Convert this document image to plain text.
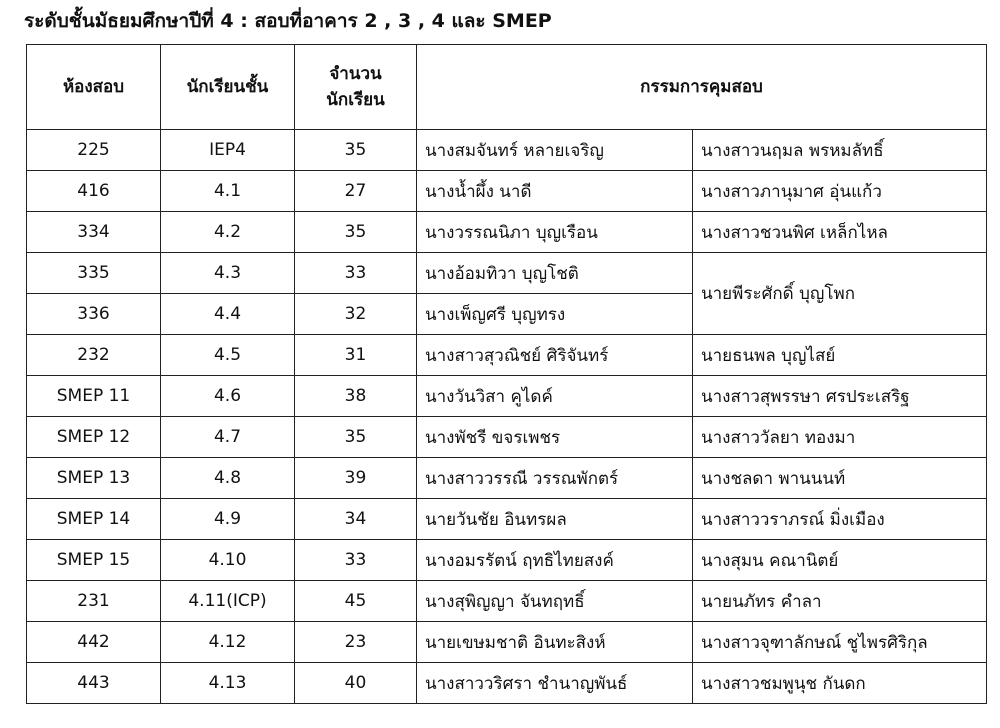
ระดับชั้นมัธยมศึกษาปีที่ 4 : สอบที่อาคาร 2 , 3 , 4 และ SMEP
ห้องสอบ	นักเรียนชั้น	จำนวน
นักเรียน	กรรมการคุมสอบ	
225	IEP4	35	นางสมจันทร์ หลายเจริญ	นางสาวนฤมล พรหมลัทธิ์
416	4.1	27	นางน้ำผึ้ง นาดี	นางสาวภานุมาศ อุ่นแก้ว
334	4.2	35	นางวรรณนิภา บุญเรือน	นางสาวชวนพิศ เหล็กไหล
335	4.3	33	นางอ้อมทิวา บุญโชติ	นายพีระศักดิ์ บุญโพก
336	4.4	32	นางเพ็ญศรี บุญทรง	
232	4.5	31	นางสาวสุวณิชย์ ศิริจันทร์	นายธนพล บุญไสย์
SMEP 11	4.6	38	นางวันวิสา คูไดค์	นางสาวสุพรรษา ศรประเสริฐ
SMEP 12	4.7	35	นางพัชรี ขจรเพชร	นางสาววัลยา ทองมา
SMEP 13	4.8	39	นางสาววรรณี วรรณพักตร์	นางชลดา พานนนท์
SMEP 14	4.9	34	นายวันชัย อินทรผล	นางสาววราภรณ์ มิ่งเมือง
SMEP 15	4.10	33	นางอมรรัตน์ ฤทธิไทยสงค์	นางสุมน คณานิตย์
231	4.11(ICP)	45	นางสุพิญญา จันทฤทธิ์	นายนภัทร คำลา
442	4.12	23	นายเขษมชาติ อินทะสิงห์	นางสาวจุฑาลักษณ์ ชูไพรศิริกุล
443	4.13	40	นางสาววริศรา ชำนาญพันธ์	นางสาวชมพูนุช กันดก
